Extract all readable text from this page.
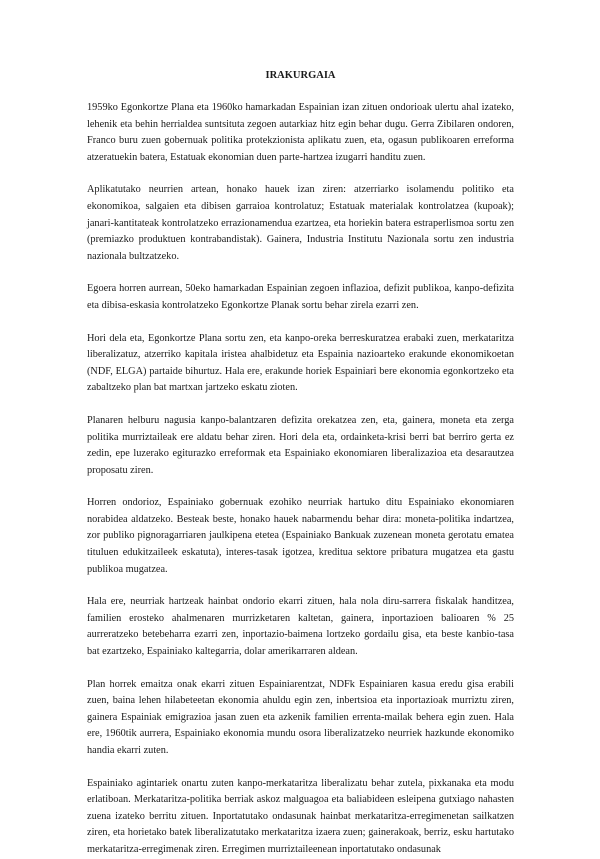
IRAKURGAIA

1959ko Egonkortze Plana eta 1960ko hamarkadan Espainian izan zituen ondorioak ulertu ahal izateko, lehenik eta behin herrialdea suntsituta zegoen autarkiaz hitz egin behar dugu. Gerra Zibilaren ondoren, Franco buru zuen gobernuak politika protekzionista aplikatu zuen, eta, ogasun publikoaren erreforma atzeratuekin batera, Estatuak ekonomian duen parte-hartzea izugarri handitu zuen.

Aplikatutako neurrien artean, honako hauek izan ziren: atzerriarko isolamendu politiko eta ekonomikoa, salgaien eta dibisen garraioa kontrolatuz; Estatuak materialak kontrolatzea (kupoak); janari-kantitateak kontrolatzeko errazionamendua ezartzea, eta horiekin batera estraperlismoa sortu zen (premiazko produktuen kontrabandistak). Gainera, Industria Institutu Nazionala sortu zen industria nazionala bultzatzeko.

Egoera horren aurrean, 50eko hamarkadan Espainian zegoen inflazioa, defizit publikoa, kanpo-defizita eta dibisa-eskasia kontrolatzeko Egonkortze Planak sortu behar zirela ezarri zen.

Hori dela eta, Egonkortze Plana sortu zen, eta kanpo-oreka berreskuratzea erabaki zuen, merkataritza liberalizatuz, atzerriko kapitala iristea ahalbidetuz eta Espainia nazioarteko erakunde ekonomikoetan (NDF, ELGA) partaide bihurtuz. Hala ere, erakunde horiek Espainiari bere ekonomia egonkortzeko eta zabaltzeko plan bat martxan jartzeko eskatu zioten.

Planaren helburu nagusia kanpo-balantzaren defizita orekatzea zen, eta, gainera, moneta eta zerga politika murriztaileak ere aldatu behar ziren. Hori dela eta, ordainketa-krisi berri bat berriro gerta ez zedin, epe luzerako egiturazko erreformak eta Espainiako ekonomiaren liberalizazioa eta desarautzea proposatu ziren.

Horren ondorioz, Espainiako gobernuak ezohiko neurriak hartuko ditu Espainiako ekonomiaren norabidea aldatzeko. Besteak beste, honako hauek nabarmendu behar dira: moneta-politika indartzea, zor publiko pignoragarriaren jaulkipena etetea (Espainiako Bankuak zuzenean moneta gerotatu ematea tituluen edukitzaileek eskatuta), interes-tasak igotzea, kreditua sektore pribatura mugatzea eta gastu publikoa mugatzea.

Hala ere, neurriak hartzeak hainbat ondorio ekarri zituen, hala nola diru-sarrera fiskalak handitzea, familien erosteko ahalmenaren murrizketaren kaltetan, gainera, inportazioen balioaren % 25 aurreratzeko betebeharra ezarri zen, inportazio-baimena lortzeko gordailu gisa, eta beste kanbio-tasa bat ezartzeko, Espainiako kaltegarria, dolar amerikarraren aldean.

Plan horrek emaitza onak ekarri zituen Espainiarentzat, NDFk Espainiaren kasua eredu gisa erabili zuen, baina lehen hilabeteetan ekonomia ahuldu egin zen, inbertsioa eta inportazioak murriztu ziren, gainera Espainiak emigrazioa jasan zuen eta azkenik familien errenta-mailak behera egin zuen. Hala ere, 1960tik aurrera, Espainiako ekonomia mundu osora liberalizatzeko neurriek hazkunde ekonomiko handia ekarri zuten.

Espainiako agintariek onartu zuten kanpo-merkataritza liberalizatu behar zutela, pixkanaka eta modu erlatiboan. Merkataritza-politika berriak askoz malguagoa eta baliabideen esleipena gutxiago nahasten zuena izateko berritu zituen. Inportatutako ondasunak hainbat merkataritza-erregimenetan sailkatzen ziren, eta horietako batek liberalizatutako merkataritza izaera zuen; gainerakoak, berriz, esku hartutako merkataritza-erregimenak ziren. Erregimen murriztaileenean inportatutako ondasunak
